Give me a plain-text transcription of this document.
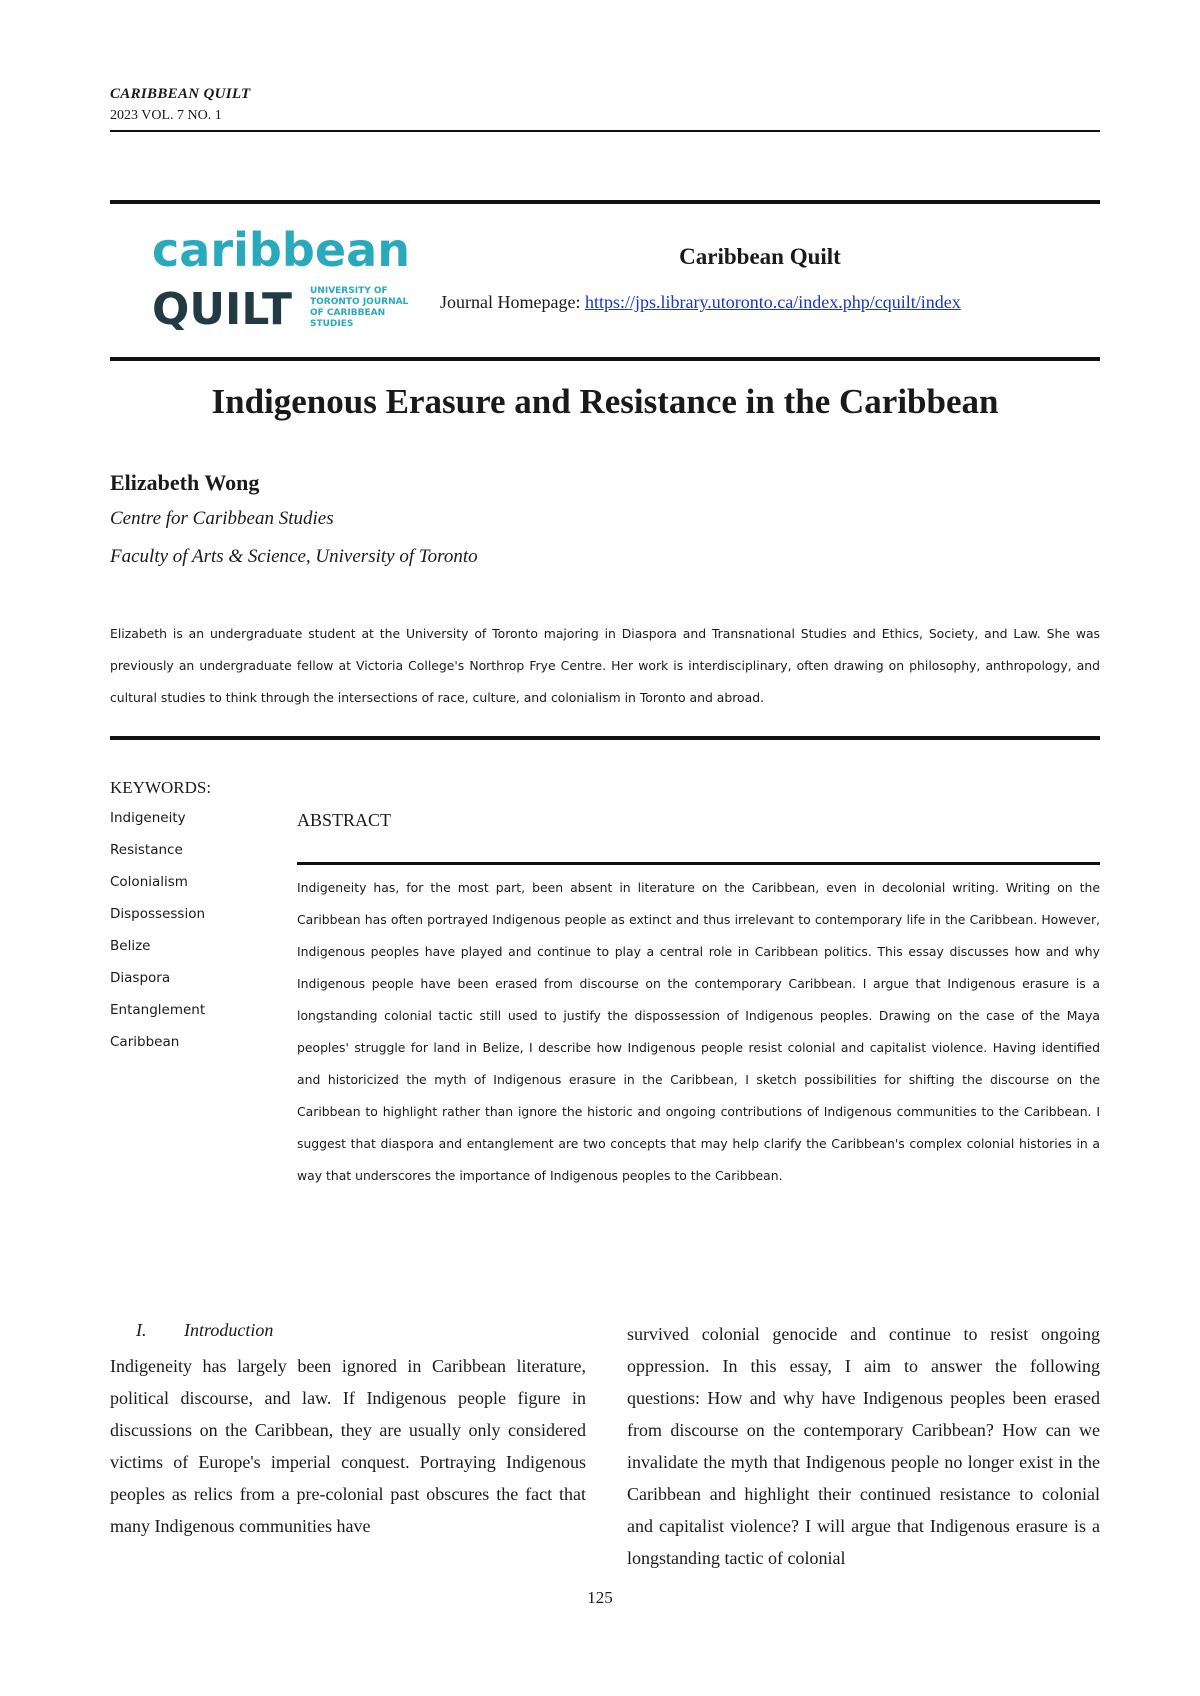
CARIBBEAN QUILT
2023 VOL. 7 NO. 1
caribbean
QUILT UNIVERSITY OF
TORONTO JOURNAL
OF CARIBBEAN
STUDIES
Caribbean Quilt
Journal Homepage: https://jps.library.utoronto.ca/index.php/cquilt/index
Indigenous Erasure and Resistance in the Caribbean
Elizabeth Wong
Centre for Caribbean Studies
Faculty of Arts & Science, University of Toronto
Elizabeth is an undergraduate student at the University of Toronto majoring in Diaspora and Transnational Studies and Ethics, Society, and Law. She was previously an undergraduate fellow at Victoria College's Northrop Frye Centre. Her work is interdisciplinary, often drawing on philosophy, anthropology, and cultural studies to think through the intersections of race, culture, and colonialism in Toronto and abroad.
KEYWORDS:
Indigeneity
Resistance
Colonialism
Dispossession
Belize
Diaspora
Entanglement
Caribbean
ABSTRACT
Indigeneity has, for the most part, been absent in literature on the Caribbean, even in decolonial writing. Writing on the Caribbean has often portrayed Indigenous people as extinct and thus irrelevant to contemporary life in the Caribbean. However, Indigenous peoples have played and continue to play a central role in Caribbean politics. This essay discusses how and why Indigenous people have been erased from discourse on the contemporary Caribbean. I argue that Indigenous erasure is a longstanding colonial tactic still used to justify the dispossession of Indigenous peoples. Drawing on the case of the Maya peoples' struggle for land in Belize, I describe how Indigenous people resist colonial and capitalist violence. Having identified and historicized the myth of Indigenous erasure in the Caribbean, I sketch possibilities for shifting the discourse on the Caribbean to highlight rather than ignore the historic and ongoing contributions of Indigenous communities to the Caribbean. I suggest that diaspora and entanglement are two concepts that may help clarify the Caribbean's complex colonial histories in a way that underscores the importance of Indigenous peoples to the Caribbean.
I. Introduction
Indigeneity has largely been ignored in Caribbean literature, political discourse, and law. If Indigenous people figure in discussions on the Caribbean, they are usually only considered victims of Europe's imperial conquest. Portraying Indigenous peoples as relics from a pre-colonial past obscures the fact that many Indigenous communities have
survived colonial genocide and continue to resist ongoing oppression. In this essay, I aim to answer the following questions: How and why have Indigenous peoples been erased from discourse on the contemporary Caribbean? How can we invalidate the myth that Indigenous people no longer exist in the Caribbean and highlight their continued resistance to colonial and capitalist violence? I will argue that Indigenous erasure is a longstanding tactic of colonial
125
